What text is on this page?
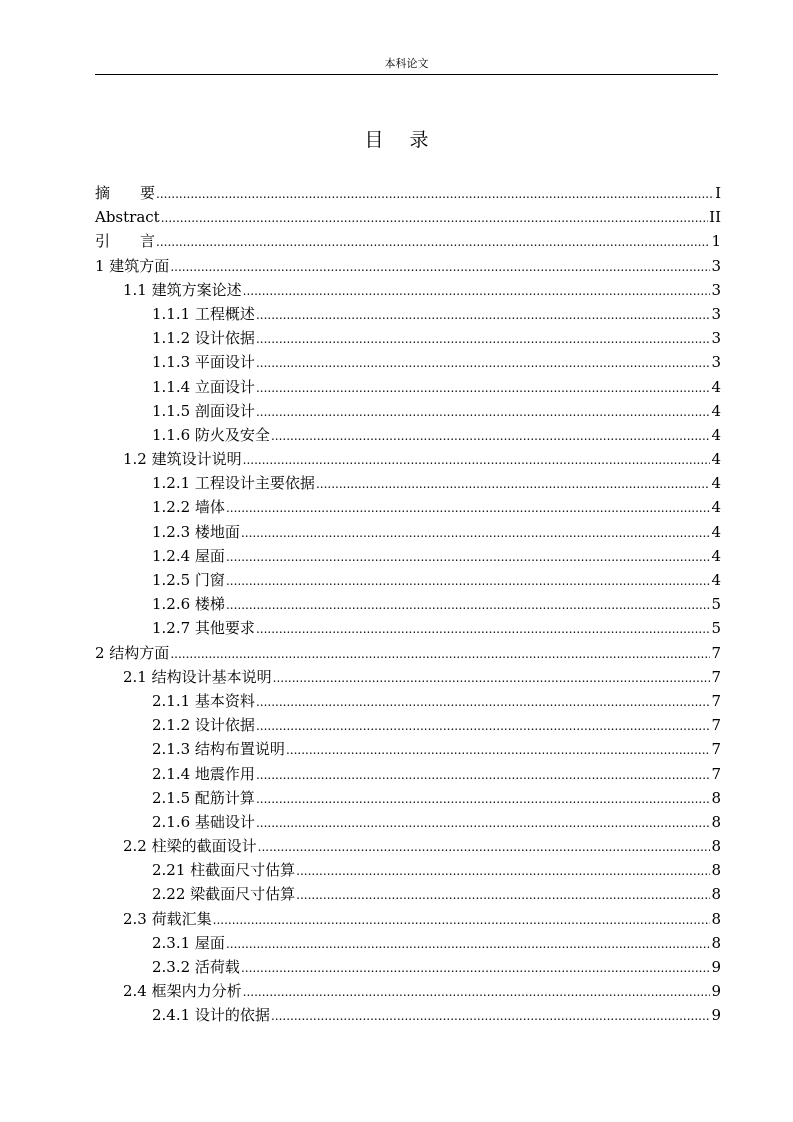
本科论文
目 录
摘　　要 .....	I
Abstract .....	II
引　　言 .....	1
1 建筑方面 .....	3
1.1 建筑方案论述 .....	3
1.1.1 工程概述 .....	3
1.1.2 设计依据 .....	3
1.1.3 平面设计 .....	3
1.1.4 立面设计 .....	4
1.1.5 剖面设计 .....	4
1.1.6 防火及安全 .....	4
1.2 建筑设计说明 .....	4
1.2.1 工程设计主要依据 .....	4
1.2.2 墙体 .....	4
1.2.3 楼地面 .....	4
1.2.4 屋面 .....	4
1.2.5 门窗 .....	4
1.2.6 楼梯 .....	5
1.2.7 其他要求 .....	5
2 结构方面 .....	7
2.1 结构设计基本说明 .....	7
2.1.1 基本资料 .....	7
2.1.2 设计依据 .....	7
2.1.3 结构布置说明 .....	7
2.1.4 地震作用 .....	7
2.1.5 配筋计算 .....	8
2.1.6 基础设计 .....	8
2.2 柱梁的截面设计 .....	8
2.21 柱截面尺寸估算 .....	8
2.22 梁截面尺寸估算 .....	8
2.3 荷载汇集 .....	8
2.3.1 屋面 .....	8
2.3.2 活荷载 .....	9
2.4 框架内力分析 .....	9
2.4.1 设计的依据 .....	9
